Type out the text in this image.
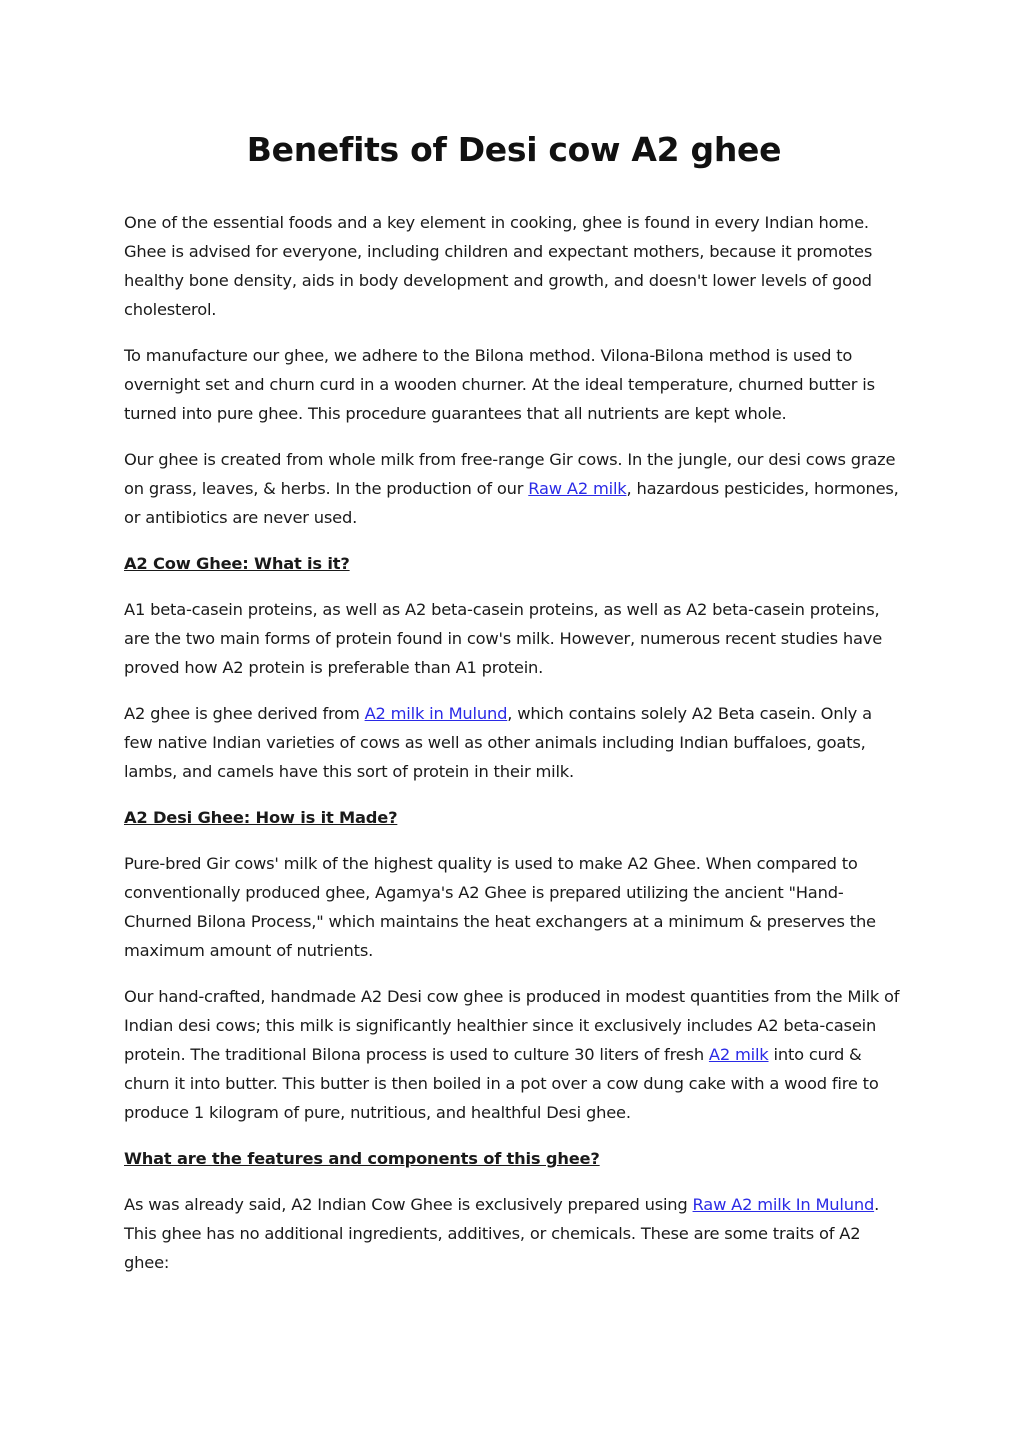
Benefits of Desi cow A2 ghee

One of the essential foods and a key element in cooking, ghee is found in every Indian home. Ghee is advised for everyone, including children and expectant mothers, because it promotes healthy bone density, aids in body development and growth, and doesn't lower levels of good cholesterol.

To manufacture our ghee, we adhere to the Bilona method. Vilona-Bilona method is used to overnight set and churn curd in a wooden churner. At the ideal temperature, churned butter is turned into pure ghee. This procedure guarantees that all nutrients are kept whole.

Our ghee is created from whole milk from free-range Gir cows. In the jungle, our desi cows graze on grass, leaves, & herbs. In the production of our Raw A2 milk, hazardous pesticides, hormones, or antibiotics are never used.

A2 Cow Ghee: What is it?

A1 beta-casein proteins, as well as A2 beta-casein proteins, as well as A2 beta-casein proteins, are the two main forms of protein found in cow's milk. However, numerous recent studies have proved how A2 protein is preferable than A1 protein.

A2 ghee is ghee derived from A2 milk in Mulund, which contains solely A2 Beta casein. Only a few native Indian varieties of cows as well as other animals including Indian buffaloes, goats, lambs, and camels have this sort of protein in their milk.

A2 Desi Ghee: How is it Made?

Pure-bred Gir cows' milk of the highest quality is used to make A2 Ghee. When compared to conventionally produced ghee, Agamya's A2 Ghee is prepared utilizing the ancient "Hand-Churned Bilona Process," which maintains the heat exchangers at a minimum & preserves the maximum amount of nutrients.

Our hand-crafted, handmade A2 Desi cow ghee is produced in modest quantities from the Milk of Indian desi cows; this milk is significantly healthier since it exclusively includes A2 beta-casein protein. The traditional Bilona process is used to culture 30 liters of fresh A2 milk into curd & churn it into butter. This butter is then boiled in a pot over a cow dung cake with a wood fire to produce 1 kilogram of pure, nutritious, and healthful Desi ghee.

What are the features and components of this ghee?

As was already said, A2 Indian Cow Ghee is exclusively prepared using Raw A2 milk In Mulund. This ghee has no additional ingredients, additives, or chemicals. These are some traits of A2 ghee:
